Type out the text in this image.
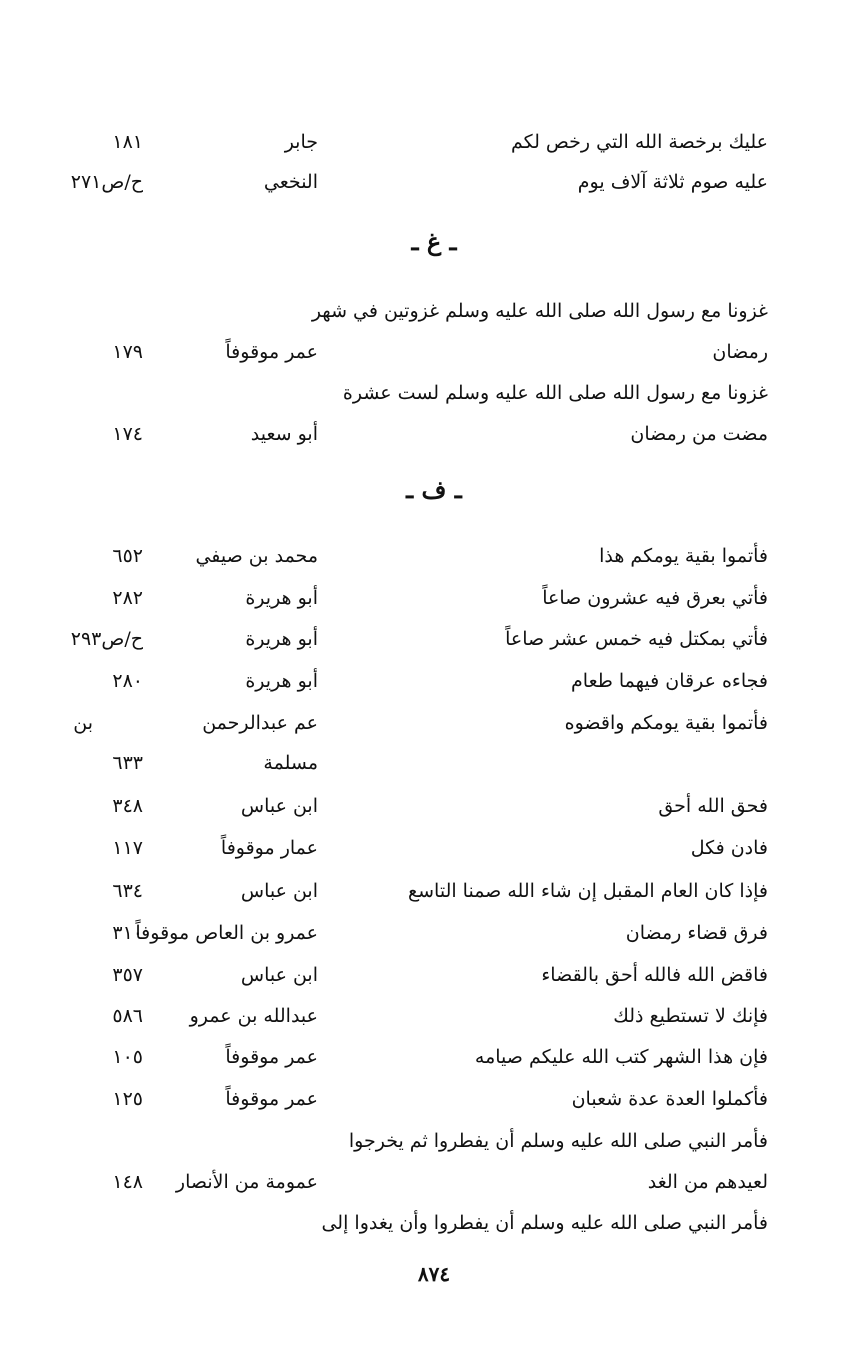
عليك برخصة الله التي رخص لكم
جابر
١٨١
عليه صوم ثلاثة آلاف يوم
النخعي
ح/ص٢٧١
ـ غ ـ
غزونا مع رسول الله صلى الله عليه وسلم غزوتين في شهر
رمضان
عمر موقوفاً
١٧٩
غزونا مع رسول الله صلى الله عليه وسلم لست عشرة
مضت من رمضان
أبو سعيد
١٧٤
ـ ف ـ
فأتموا بقية يومكم هذا
محمد بن صيفي
٦٥٢
فأتي بعرق فيه عشرون صاعاً
أبو هريرة
٢٨٢
فأتي بمكتل فيه خمس عشر صاعاً
أبو هريرة
ح/ص٢٩٣
فجاءه عرقان فيهما طعام
أبو هريرة
٢٨٠
فأتموا بقية يومكم واقضوه
عم عبدالرحمن
بن
مسلمة
٦٣٣
فحق الله أحق
ابن عباس
٣٤٨
فادن فكل
عمار موقوفاً
١١٧
فإذا كان العام المقبل إن شاء الله صمنا التاسع
ابن عباس
٦٣٤
فرق قضاء رمضان
عمرو بن العاص موقوفاً
٣١٠
فاقض الله فالله أحق بالقضاء
ابن عباس
٣٥٧
فإنك لا تستطيع ذلك
عبدالله بن عمرو
٥٨٦
فإن هذا الشهر كتب الله عليكم صيامه
عمر موقوفاً
١٠٥
فأكملوا العدة عدة شعبان
عمر موقوفاً
١٢٥
فأمر النبي صلى الله عليه وسلم أن يفطروا ثم يخرجوا
لعيدهم من الغد
عمومة من الأنصار
١٤٨
فأمر النبي صلى الله عليه وسلم أن يفطروا وأن يغدوا إلى
٨٧٤
